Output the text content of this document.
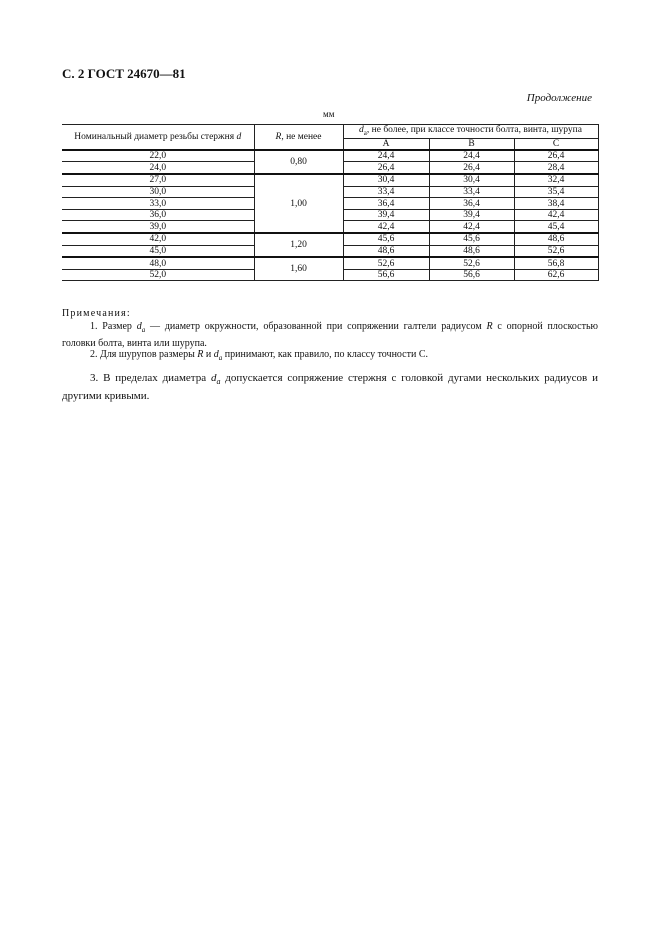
С. 2 ГОСТ 24670—81
Продолжение
мм
Номинальный диаметр резьбы стержня d	R, не менее	$d_a$, не более, при классе точности болта, винта, шурупа		
		A	B	C
22,0	0,80	24,4	24,4	26,4
24,0		26,4	26,4	28,4
27,0	1,00	30,4	30,4	32,4
30,0		33,4	33,4	35,4
33,0		36,4	36,4	38,4
36,0		39,4	39,4	42,4
39,0		42,4	42,4	45,4
42,0	1,20	45,6	45,6	48,6
45,0		48,6	48,6	52,6
48,0	1,60	52,6	52,6	56,8
52,0		56,6	56,6	62,6
Примечания:
1. Размер $d_a$ — диаметр окружности, образованной при сопряжении галтели радиусом R с опорной плоскостью головки болта, винта или шурупа.
2. Для шурупов размеры R и $d_a$ принимают, как правило, по классу точности С.
3. В пределах диаметра $d_a$ допускается сопряжение стержня с головкой дугами нескольких радиусов и другими кривыми.
